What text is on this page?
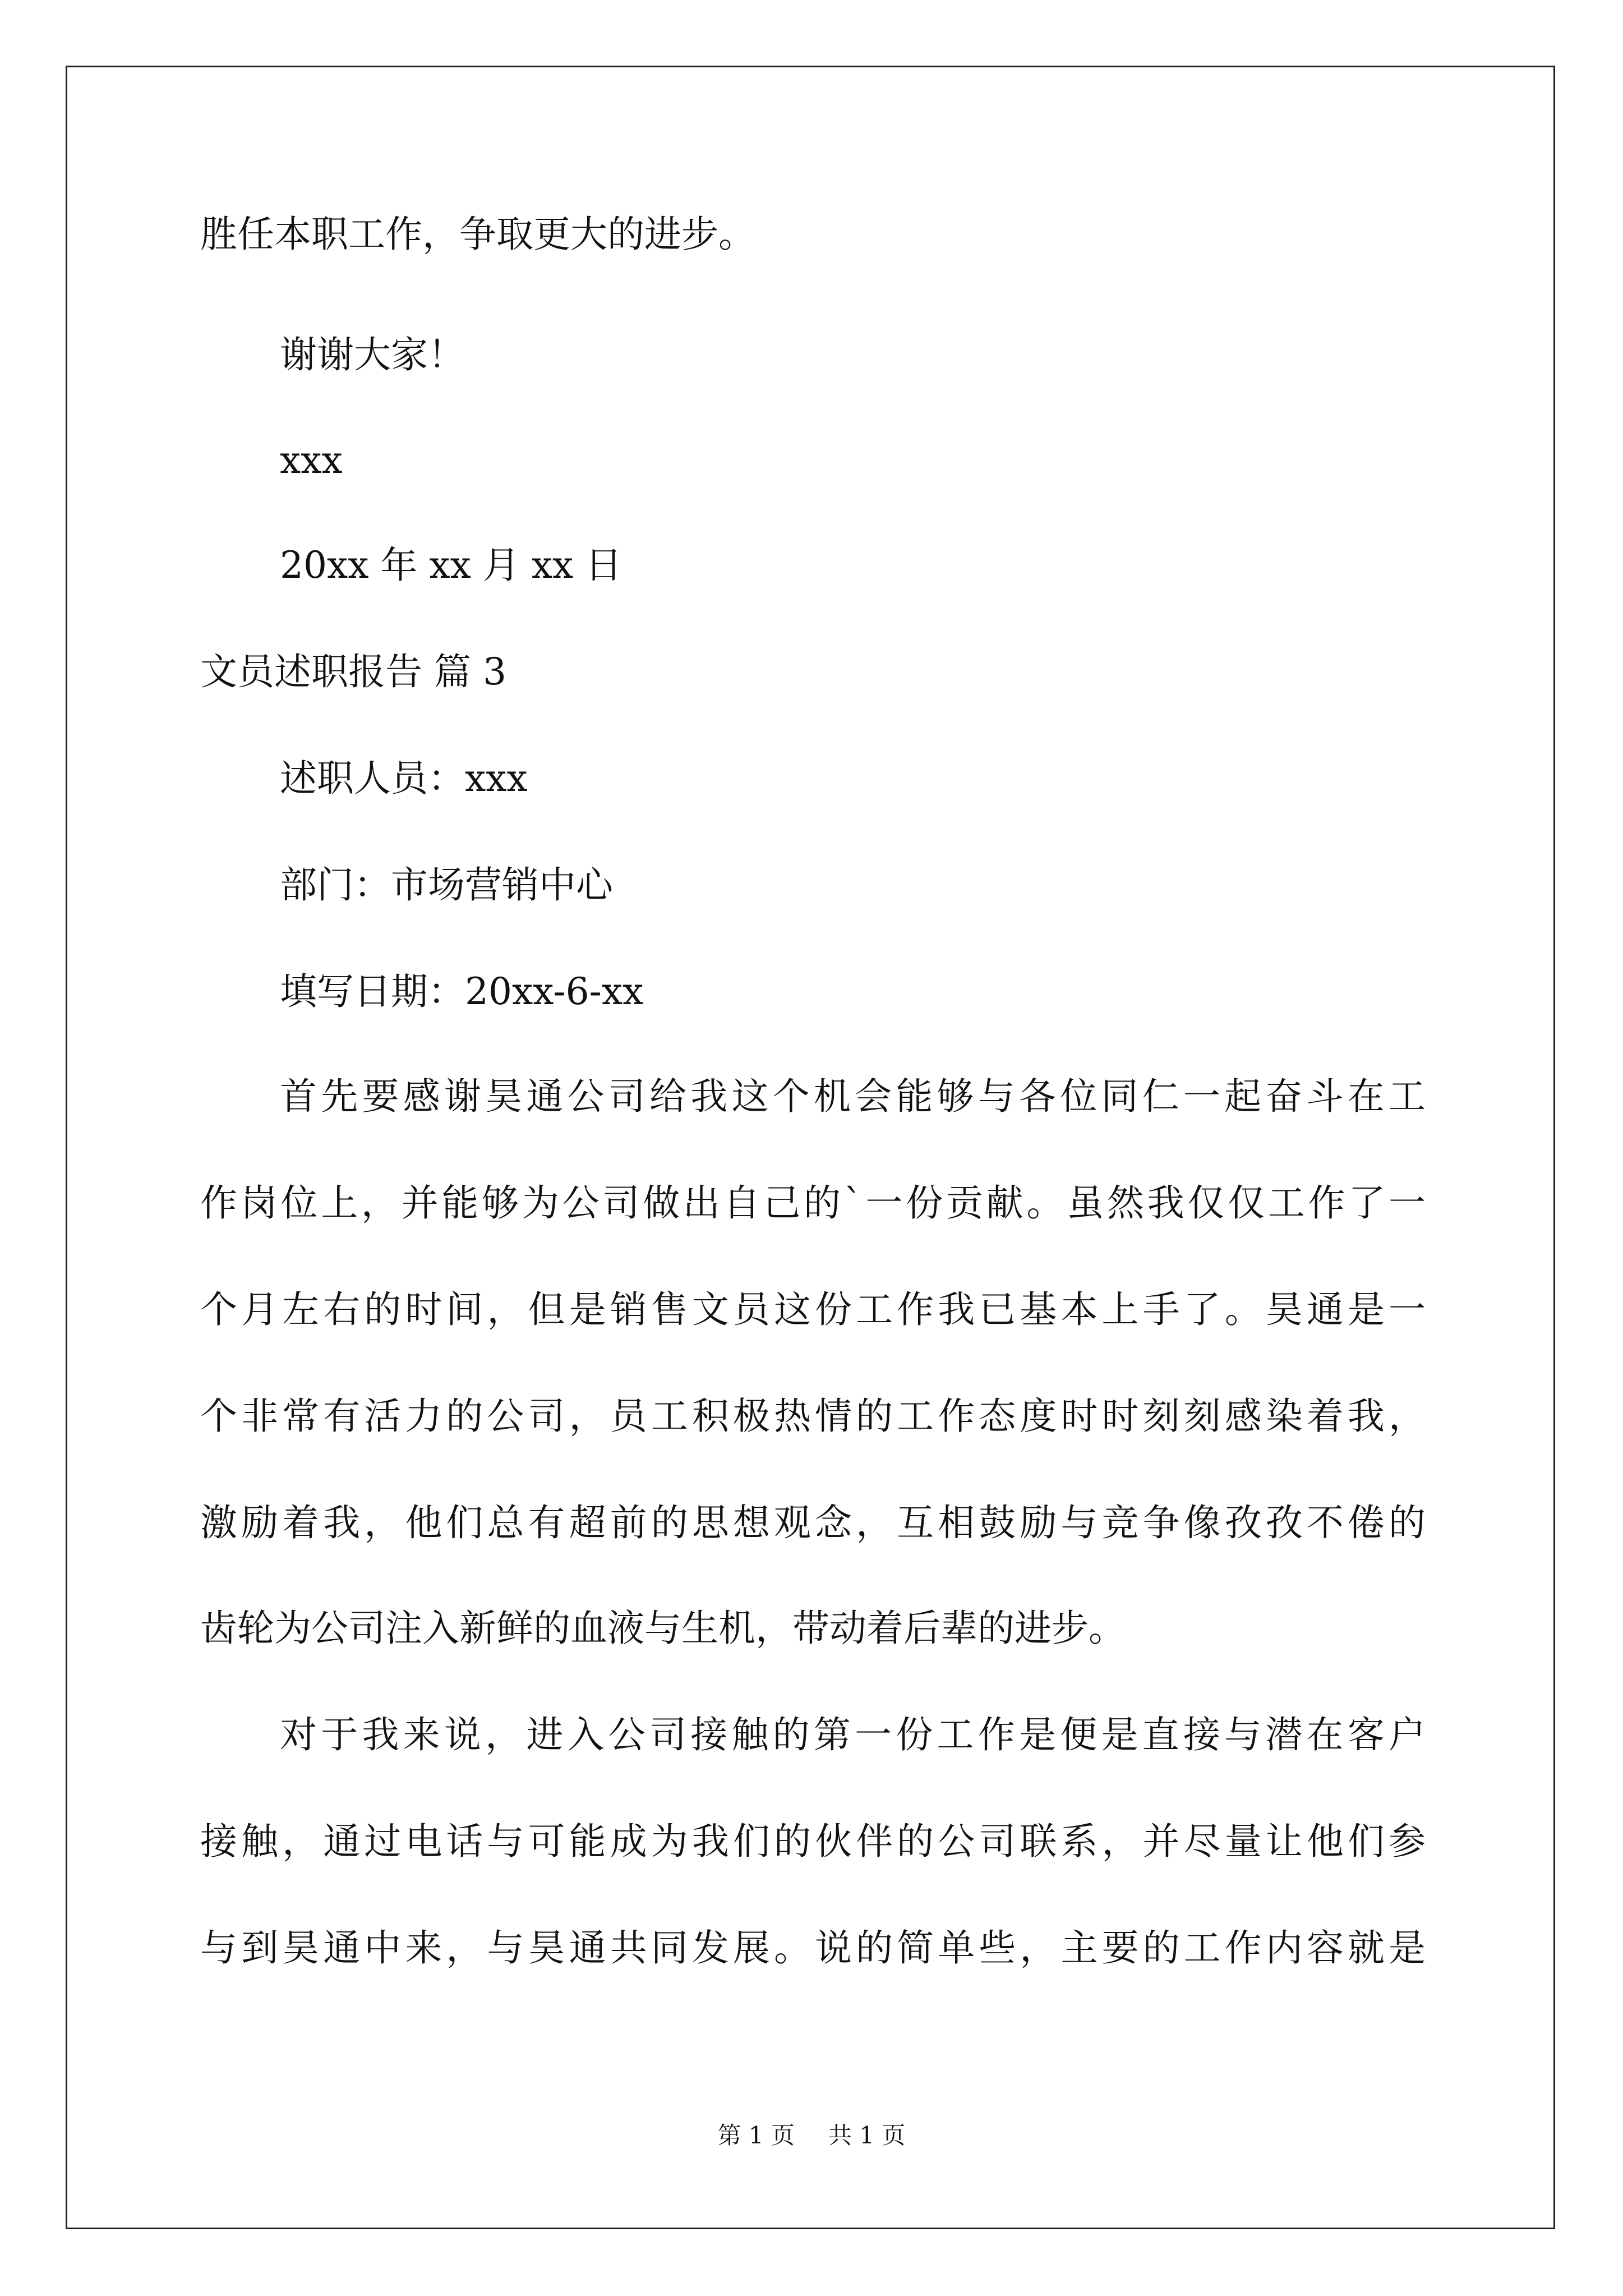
胜任本职工作，争取更大的进步。
谢谢大家！
xxx
20xx 年 xx 月 xx 日
文员述职报告 篇 3
述职人员：xxx
部门：市场营销中心
填写日期：20xx-6-xx
首先要感谢昊通公司给我这个机会能够与各位同仁一起奋斗在工
作岗位上，并能够为公司做出自己的`一份贡献。虽然我仅仅工作了一
个月左右的时间，但是销售文员这份工作我已基本上手了。昊通是一
个非常有活力的公司，员工积极热情的工作态度时时刻刻感染着我，
激励着我，他们总有超前的思想观念，互相鼓励与竞争像孜孜不倦的
齿轮为公司注入新鲜的血液与生机，带动着后辈的进步。
对于我来说，进入公司接触的第一份工作是便是直接与潜在客户
接触，通过电话与可能成为我们的伙伴的公司联系，并尽量让他们参
与到昊通中来，与昊通共同发展。说的简单些，主要的工作内容就是
第 1 页 共 1 页
